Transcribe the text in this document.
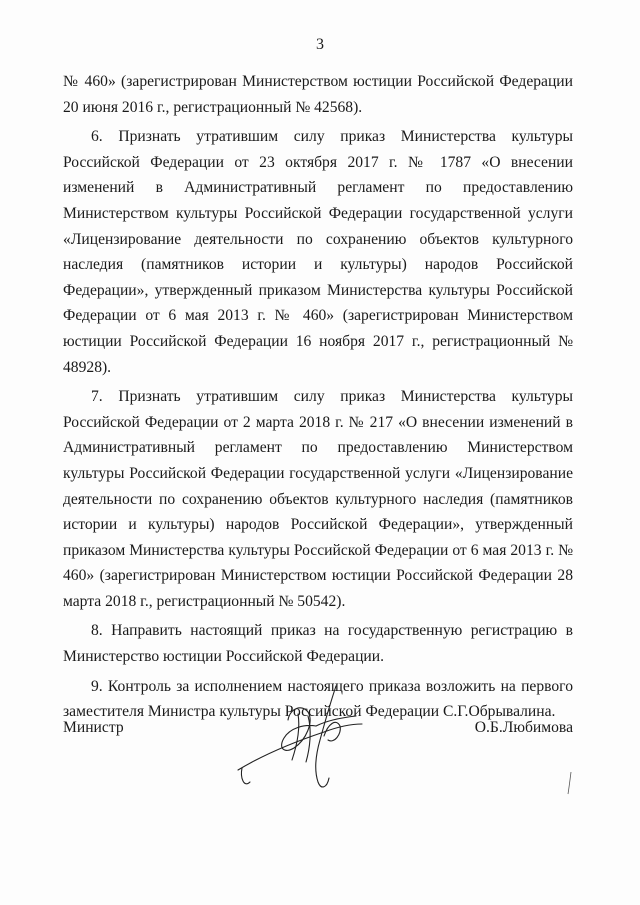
3

№ 460» (зарегистрирован Министерством юстиции Российской Федерации 20 июня 2016 г., регистрационный № 42568).

6. Признать утратившим силу приказ Министерства культуры Российской Федерации от 23 октября 2017 г. № 1787 «О внесении изменений в Административный регламент по предоставлению Министерством культуры Российской Федерации государственной услуги «Лицензирование деятельности по сохранению объектов культурного наследия (памятников истории и культуры) народов Российской Федерации», утвержденный приказом Министерства культуры Российской Федерации от 6 мая 2013 г. № 460» (зарегистрирован Министерством юстиции Российской Федерации 16 ноября 2017 г., регистрационный № 48928).

7. Признать утратившим силу приказ Министерства культуры Российской Федерации от 2 марта 2018 г. № 217 «О внесении изменений в Административный регламент по предоставлению Министерством культуры Российской Федерации государственной услуги «Лицензирование деятельности по сохранению объектов культурного наследия (памятников истории и культуры) народов Российской Федерации», утвержденный приказом Министерства культуры Российской Федерации от 6 мая 2013 г. № 460» (зарегистрирован Министерством юстиции Российской Федерации 28 марта 2018 г., регистрационный № 50542).

8. Направить настоящий приказ на государственную регистрацию в Министерство юстиции Российской Федерации.

9. Контроль за исполнением настоящего приказа возложить на первого заместителя Министра культуры Российской Федерации С.Г.Обрывалина.

Министр	О.Б.Любимова
